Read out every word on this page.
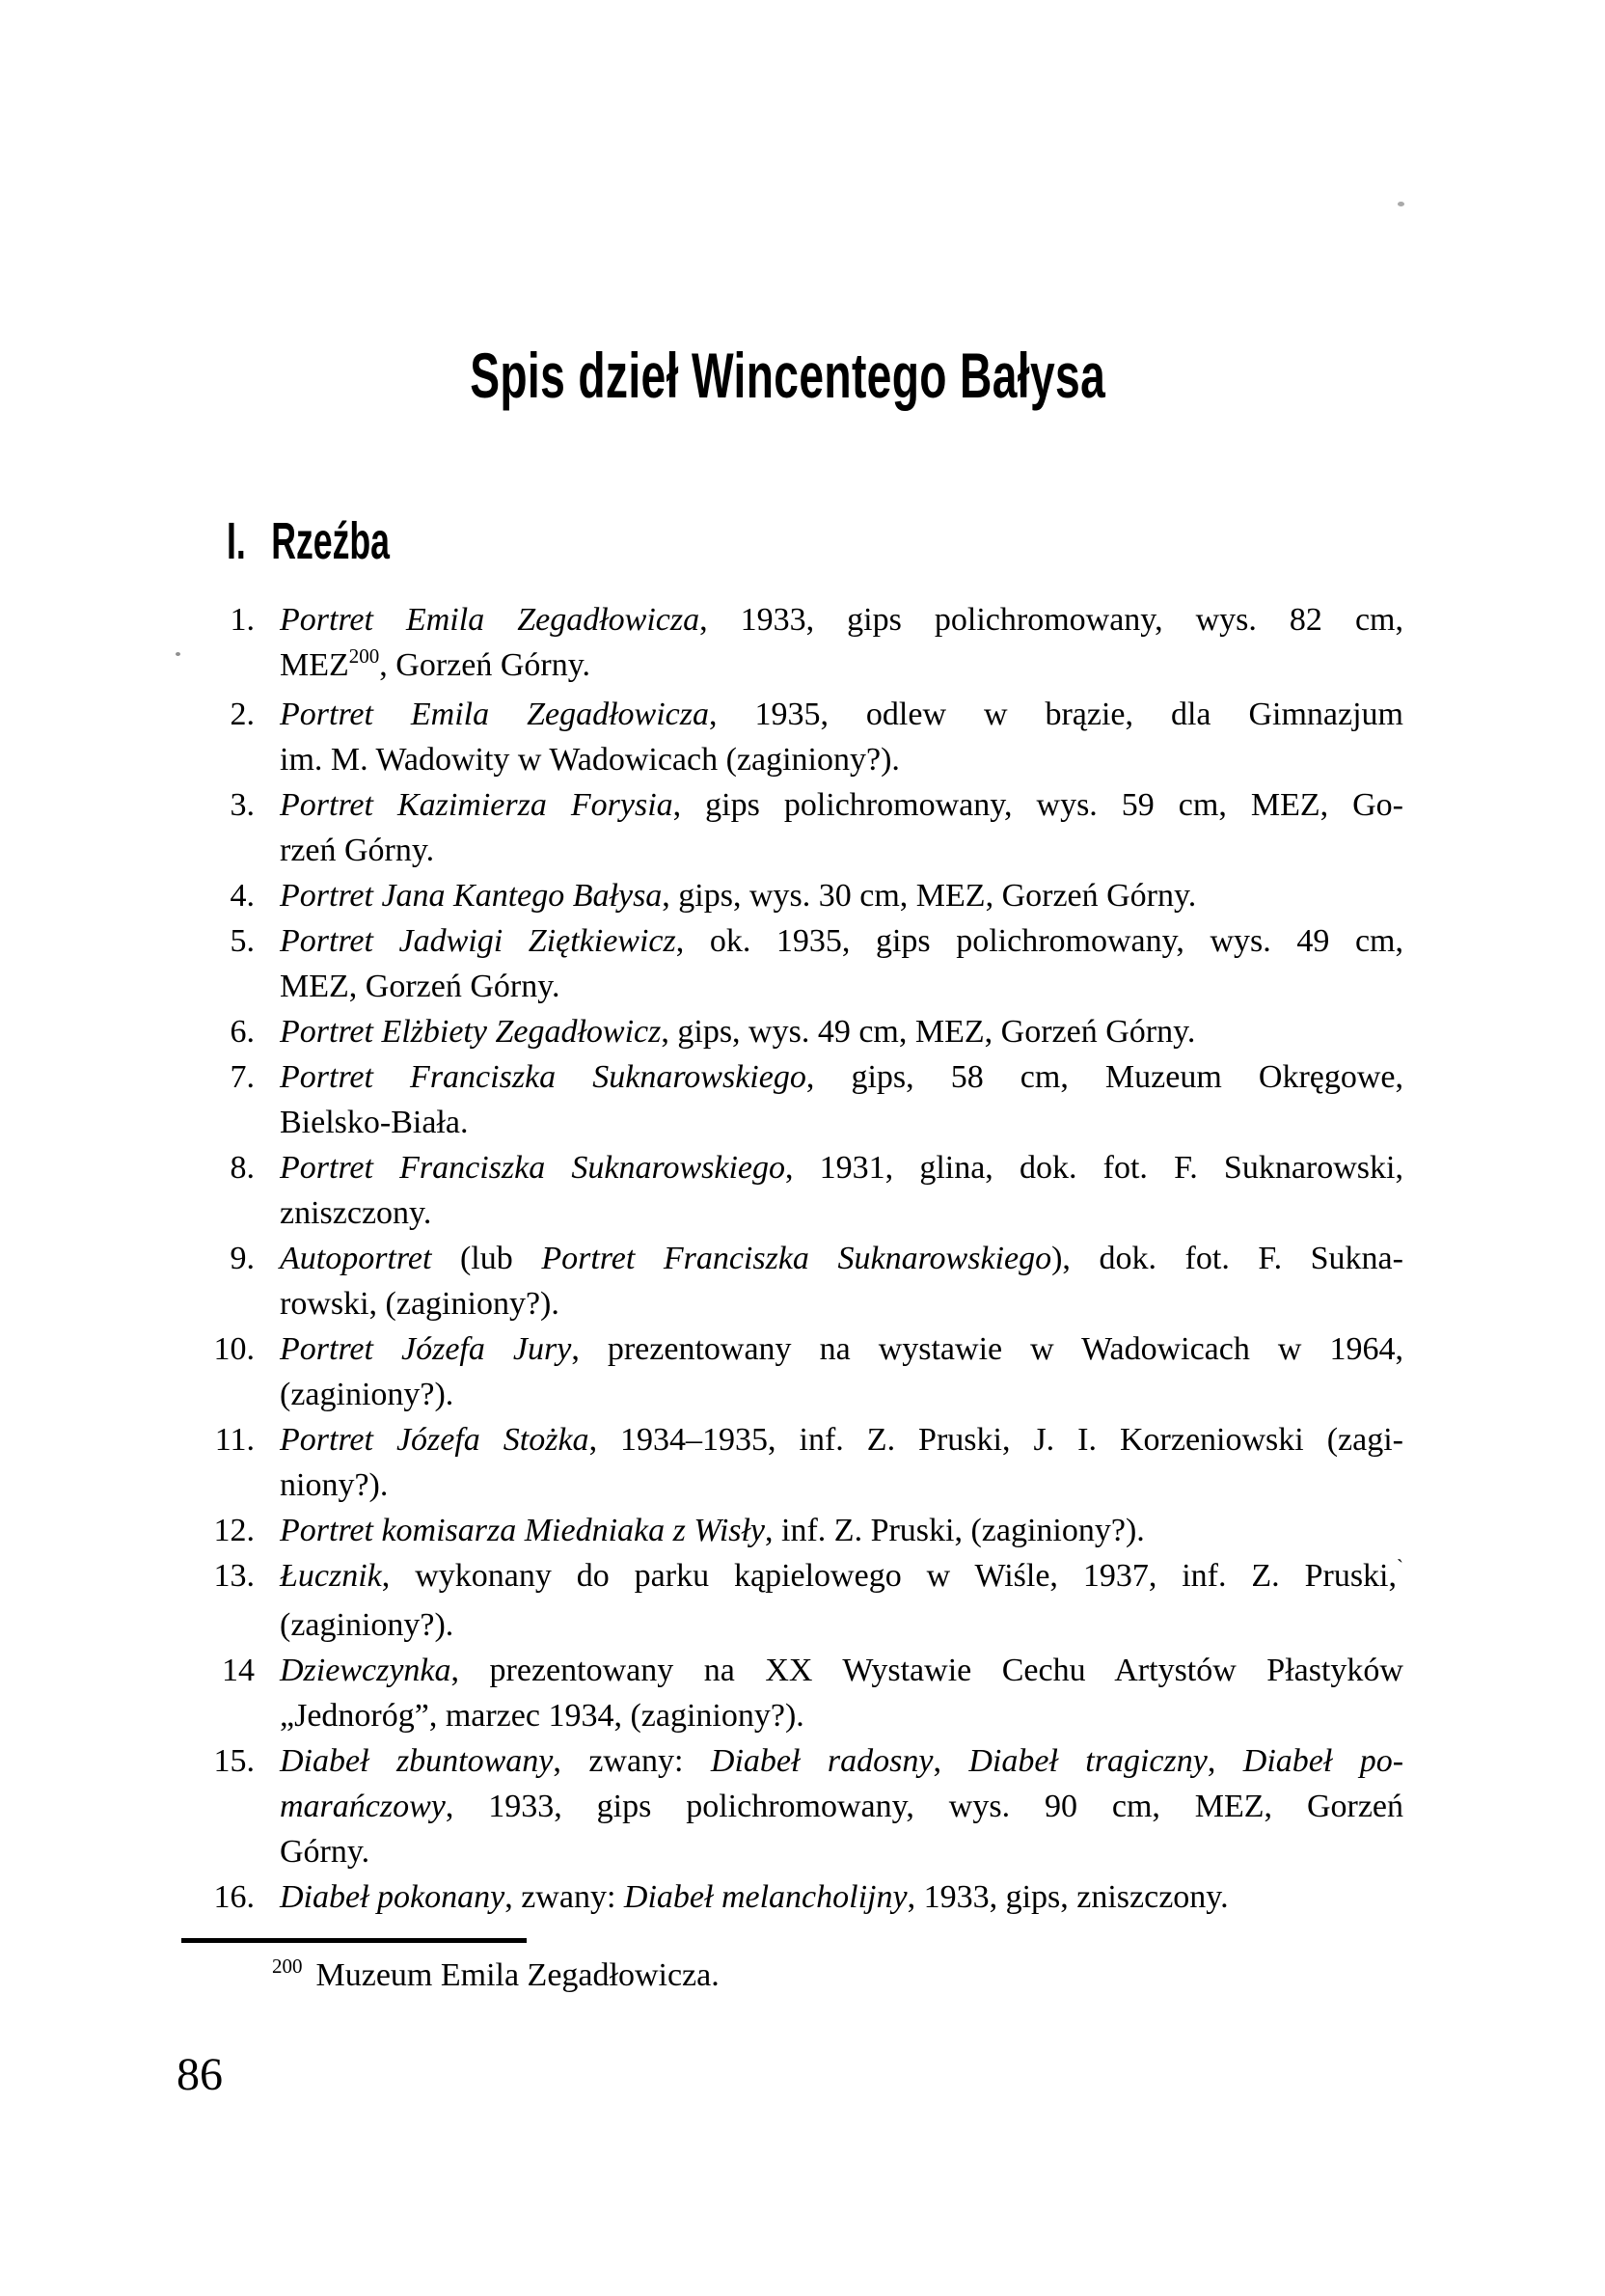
Spis dzieł Wincentego Bałysa
I. Rzeźba
1. Portret Emila Zegadłowicza, 1933, gips polichromowany, wys. 82 cm,
MEZ$^{200}$, Gorzeń Górny.
2. Portret Emila Zegadłowicza, 1935, odlew w brązie, dla Gimnazjum
im. M. Wadowity w Wadowicach (zaginiony?).
3. Portret Kazimierza Forysia, gips polichromowany, wys. 59 cm, MEZ, Go-
rzeń Górny.
4. Portret Jana Kantego Bałysa, gips, wys. 30 cm, MEZ, Gorzeń Górny.
5. Portret Jadwigi Ziętkiewicz, ok. 1935, gips polichromowany, wys. 49 cm,
MEZ, Gorzeń Górny.
6. Portret Elżbiety Zegadłowicz, gips, wys. 49 cm, MEZ, Gorzeń Górny.
7. Portret Franciszka Suknarowskiego, gips, 58 cm, Muzeum Okręgowe,
Bielsko-Biała.
8. Portret Franciszka Suknarowskiego, 1931, glina, dok. fot. F. Suknarowski,
zniszczony.
9. Autoportret (lub Portret Franciszka Suknarowskiego), dok. fot. F. Sukna-
rowski, (zaginiony?).
10. Portret Józefa Jury, prezentowany na wystawie w Wadowicach w 1964,
(zaginiony?).
11. Portret Józefa Stożka, 1934–1935, inf. Z. Pruski, J. I. Korzeniowski (zagi-
niony?).
12. Portret komisarza Miedniaka z Wisły, inf. Z. Pruski, (zaginiony?).
13. Łucznik, wykonany do parku kąpielowego w Wiśle, 1937, inf. Z. Pruski,`
(zaginiony?).
14 Dziewczynka, prezentowany na XX Wystawie Cechu Artystów Płastyków
„Jednoróg”, marzec 1934, (zaginiony?).
15. Diabeł zbuntowany, zwany: Diabeł radosny, Diabeł tragiczny, Diabeł po-
marańczowy, 1933, gips polichromowany, wys. 90 cm, MEZ, Gorzeń
Górny.
16. Diabeł pokonany, zwany: Diabeł melancholijny, 1933, gips, zniszczony.
$^{200}$ Muzeum Emila Zegadłowicza.
86
